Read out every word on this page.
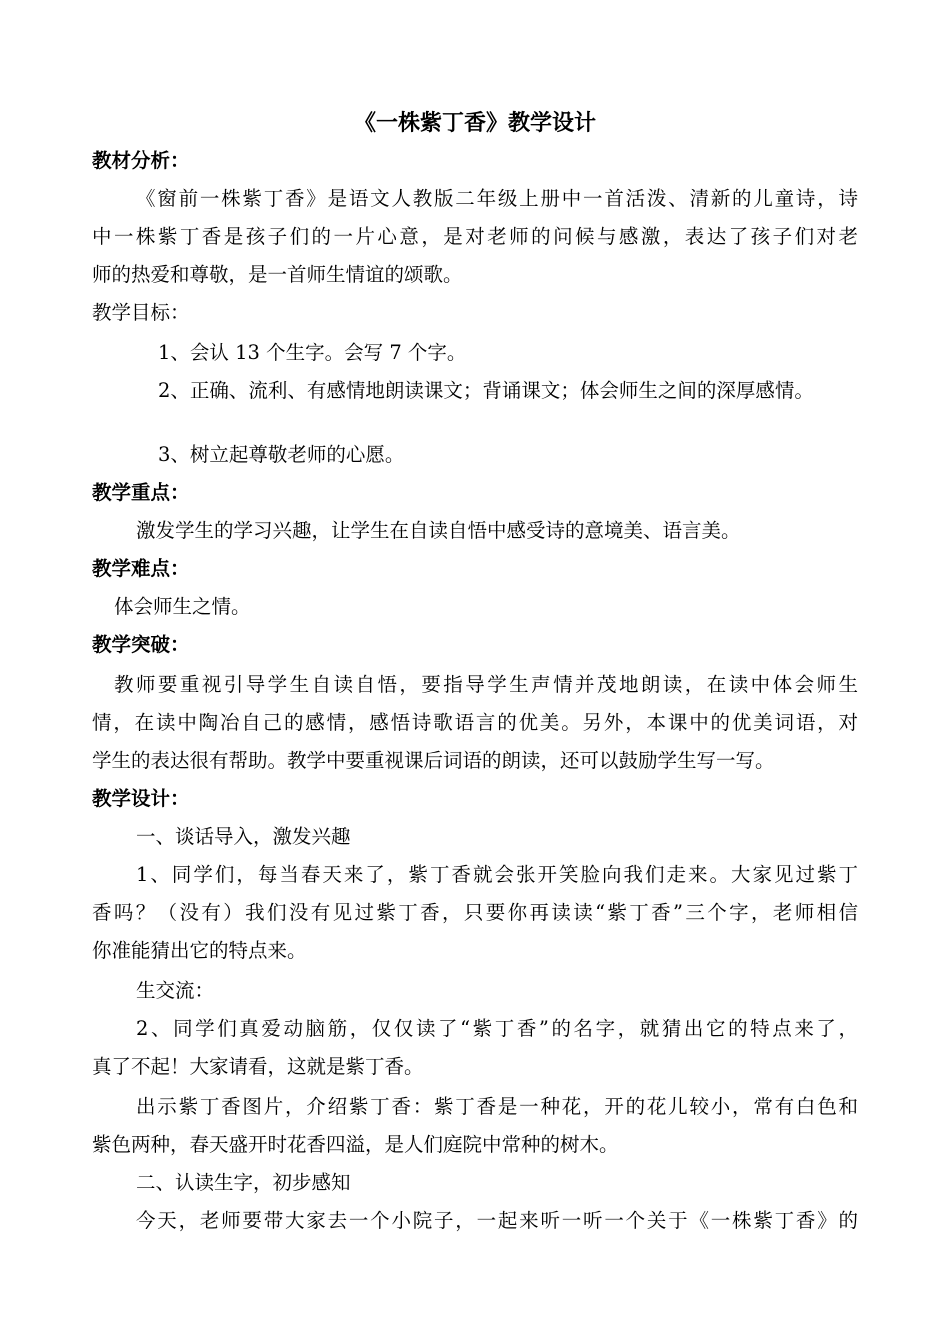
《一株紫丁香》教学设计
教材分析：
《窗前一株紫丁香》是语文人教版二年级上册中一首活泼、清新的儿童诗，诗
中一株紫丁香是孩子们的一片心意，是对老师的问候与感激，表达了孩子们对老
师的热爱和尊敬，是一首师生情谊的颂歌。
教学目标：
1、会认 13 个生字。会写 7 个字。
2、正确、流利、有感情地朗读课文；背诵课文；体会师生之间的深厚感情。
3、树立起尊敬老师的心愿。
教学重点：
激发学生的学习兴趣，让学生在自读自悟中感受诗的意境美、语言美。
教学难点：
体会师生之情。
教学突破：
教师要重视引导学生自读自悟，要指导学生声情并茂地朗读，在读中体会师生
情，在读中陶冶自己的感情，感悟诗歌语言的优美。另外，本课中的优美词语，对
学生的表达很有帮助。教学中要重视课后词语的朗读，还可以鼓励学生写一写。
教学设计：
一、谈话导入，激发兴趣
1、同学们，每当春天来了，紫丁香就会张开笑脸向我们走来。大家见过紫丁
香吗？（没有）我们没有见过紫丁香，只要你再读读“紫丁香”三个字，老师相信
你准能猜出它的特点来。
生交流：
2、同学们真爱动脑筋，仅仅读了“紫丁香”的名字，就猜出它的特点来了，
真了不起！大家请看，这就是紫丁香。
出示紫丁香图片，介绍紫丁香：紫丁香是一种花，开的花儿较小，常有白色和
紫色两种，春天盛开时花香四溢，是人们庭院中常种的树木。
二、认读生字，初步感知
今天，老师要带大家去一个小院子，一起来听一听一个关于《一株紫丁香》的
